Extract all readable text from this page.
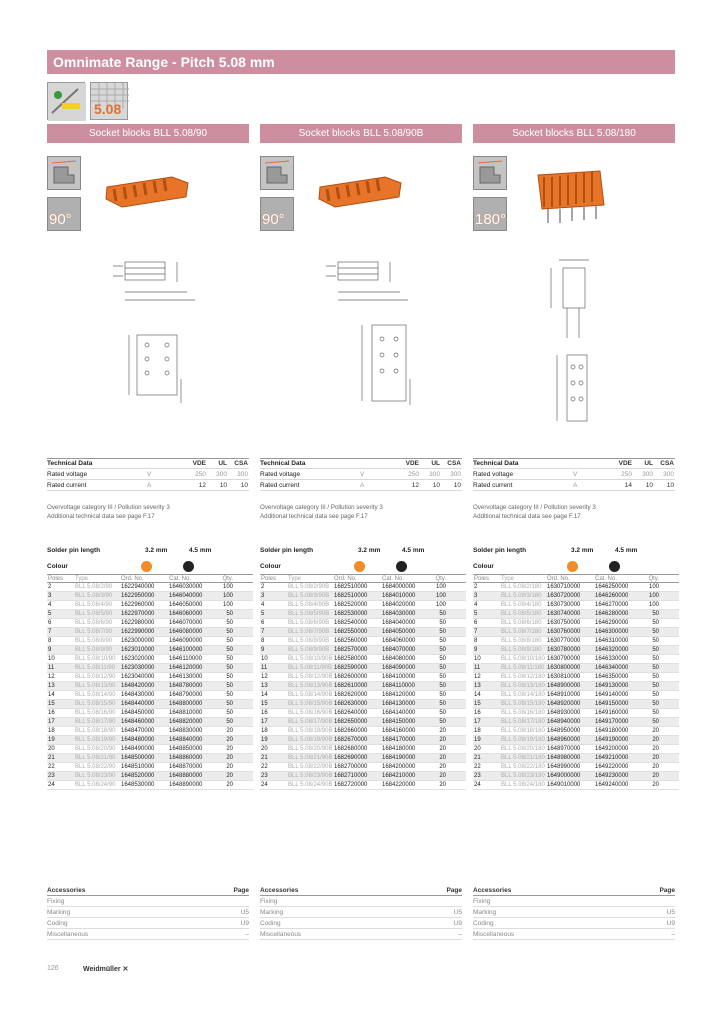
Omnimate Range - Pitch 5.08 mm
5.08
Socket blocks BLL 5.08/90
90°
Socket blocks BLL 5.08/90B
90°
Socket blocks BLL 5.08/180
180°
Technical Data	VDE	UL	CSA
Rated voltage	V	250	300	300
Rated current	A	12	10	10
Technical Data	VDE	UL	CSA
Rated voltage	V	250	300	300
Rated current	A	12	10	10
Technical Data	VDE	UL	CSA
Rated voltage	V	250	300	300
Rated current	A	14	10	10
Overvoltage category III / Pollution severity 3
Additional technical data see page F.17
Overvoltage category III / Pollution severity 3
Additional technical data see page F.17
Overvoltage category III / Pollution severity 3
Additional technical data see page F.17
Solder pin length	3.2 mm	4.5 mm
Colour
Solder pin length	3.2 mm	4.5 mm
Colour
Solder pin length	3.2 mm	4.5 mm
Colour
Poles	Type	Ord. No.	Cat. No.	Qty.
2	BLL 5.08/2/90	1622940000	1646030000	100
3	BLL 5.08/3/90	1622950000	1646040000	100
4	BLL 5.08/4/90	1622960000	1646050000	100
5	BLL 5.08/5/90	1622970000	1646060000	50
6	BLL 5.08/6/90	1622980000	1646070000	50
7	BLL 5.08/7/90	1622990000	1646080000	50
8	BLL 5.08/8/90	1623000000	1646090000	50
9	BLL 5.08/9/90	1623010000	1646100000	50
10	BLL 5.08/10/90 1623020000	1646110000	50
11	BLL 5.08/11/90 1623030000	1646120000	50
12	BLL 5.08/12/90 1623040000	1646130000	50
13	BLL 5.08/13/90 1648420000	1648780000	50
14	BLL 5.08/14/90 1648430000	1648790000	50
15	BLL 5.08/15/90 1648440000	1648800000	50
16	BLL 5.08/16/90 1648450000	1648810000	50
17	BLL 5.08/17/90 1648460000	1648820000	50
18	BLL 5.08/18/90 1648470000	1648830000	20
19	BLL 5.08/19/90 1648480000	1648840000	20
20	BLL 5.08/20/90 1648490000	1648850000	20
21	BLL 5.08/21/90 1648500000	1648860000	20
22	BLL 5.08/22/90 1648510000	1648870000	20
23	BLL 5.08/23/90 1648520000	1648880000	20
24	BLL 5.08/24/90 1648530000	1648890000	20
Poles	Type	Ord. No.	Cat. No.	Qty.
2	BLL 5.08/2/90B 1682510000	1684000000	100
3	BLL 5.08/3/90B 1682510000	1684010000	100
4	BLL 5.08/4/90B 1682520000	1684020000	100
5	BLL 5.08/5/90B 1682530000	1684030000	50
6	BLL 5.08/6/90B 1682540000	1684040000	50
7	BLL 5.08/7/90B 1682550000	1684050000	50
8	BLL 5.08/8/90B 1682560000	1684060000	50
9	BLL 5.08/9/90B 1682570000	1684070000	50
10	BLL 5.08/10/90B 1682580000	1684080000	50
11	BLL 5.08/11/90B 1682590000	1684090000	50
12	BLL 5.08/12/90B 1682600000	1684100000	50
13	BLL 5.08/13/90B 1682610000	1684110000	50
14	BLL 5.08/14/90B 1682620000	1684120000	50
15	BLL 5.08/15/90B 1682630000	1684130000	50
16	BLL 5.08/16/90B 1682640000	1684140000	50
17	BLL 5.08/17/90B 1682650000	1684150000	50
18	BLL 5.08/18/90B 1682660000	1684160000	20
19	BLL 5.08/19/90B 1682670000	1684170000	20
20	BLL 5.08/20/90B 1682680000	1684180000	20
21	BLL 5.08/21/90B 1682690000	1684190000	20
22	BLL 5.08/22/90B 1682700000	1684200000	20
23	BLL 5.08/23/90B 1682710000	1684210000	20
24	BLL 5.08/24/90B 1682720000	1684220000	20
Poles	Type	Ord. No.	Cat. No.	Qty.
2	BLL 5.08/2/180 1630710000	1646250000	100
3	BLL 5.08/3/180 1630720000	1646260000	100
4	BLL 5.08/4/180 1630730000	1646270000	100
5	BLL 5.08/5/180 1630740000	1646280000	50
6	BLL 5.08/6/180 1630750000	1646290000	50
7	BLL 5.08/7/180 1630760000	1646300000	50
8	BLL 5.08/8/180 1630770000	1646310000	50
9	BLL 5.08/9/180 1630780000	1646320000	50
10	BLL 5.08/10/180 1630790000	1646330000	50
11	BLL 5.08/11/180 1630800000	1646340000	50
12	BLL 5.08/12/180 1630810000	1646350000	50
13	BLL 5.08/13/180 1648900000	1649130000	50
14	BLL 5.08/14/180 1648910000	1649140000	50
15	BLL 5.08/15/180 1648920000	1649150000	50
16	BLL 5.08/16/180 1648930000	1649160000	50
17	BLL 5.08/17/180 1648940000	1649170000	50
18	BLL 5.08/18/180 1648950000	1649180000	20
19	BLL 5.08/19/180 1648960000	1649190000	20
20	BLL 5.08/20/180 1648970000	1649200000	20
21	BLL 5.08/21/180 1648980000	1649210000	20
22	BLL 5.08/22/180 1648990000	1649220000	20
23	BLL 5.08/23/180 1649000000	1649230000	20
24	BLL 5.08/24/180 1649010000	1649240000	20
Accessories	Page
Fixing
Marking	U5
Coding	U9
Miscellaneous	–
Accessories	Page
Fixing
Marking	U5
Coding	U9
Miscellaneous	–
Accessories	Page
Fixing
Marking	U5
Coding	U9
Miscellaneous	–
126	Weidmüller ✕
